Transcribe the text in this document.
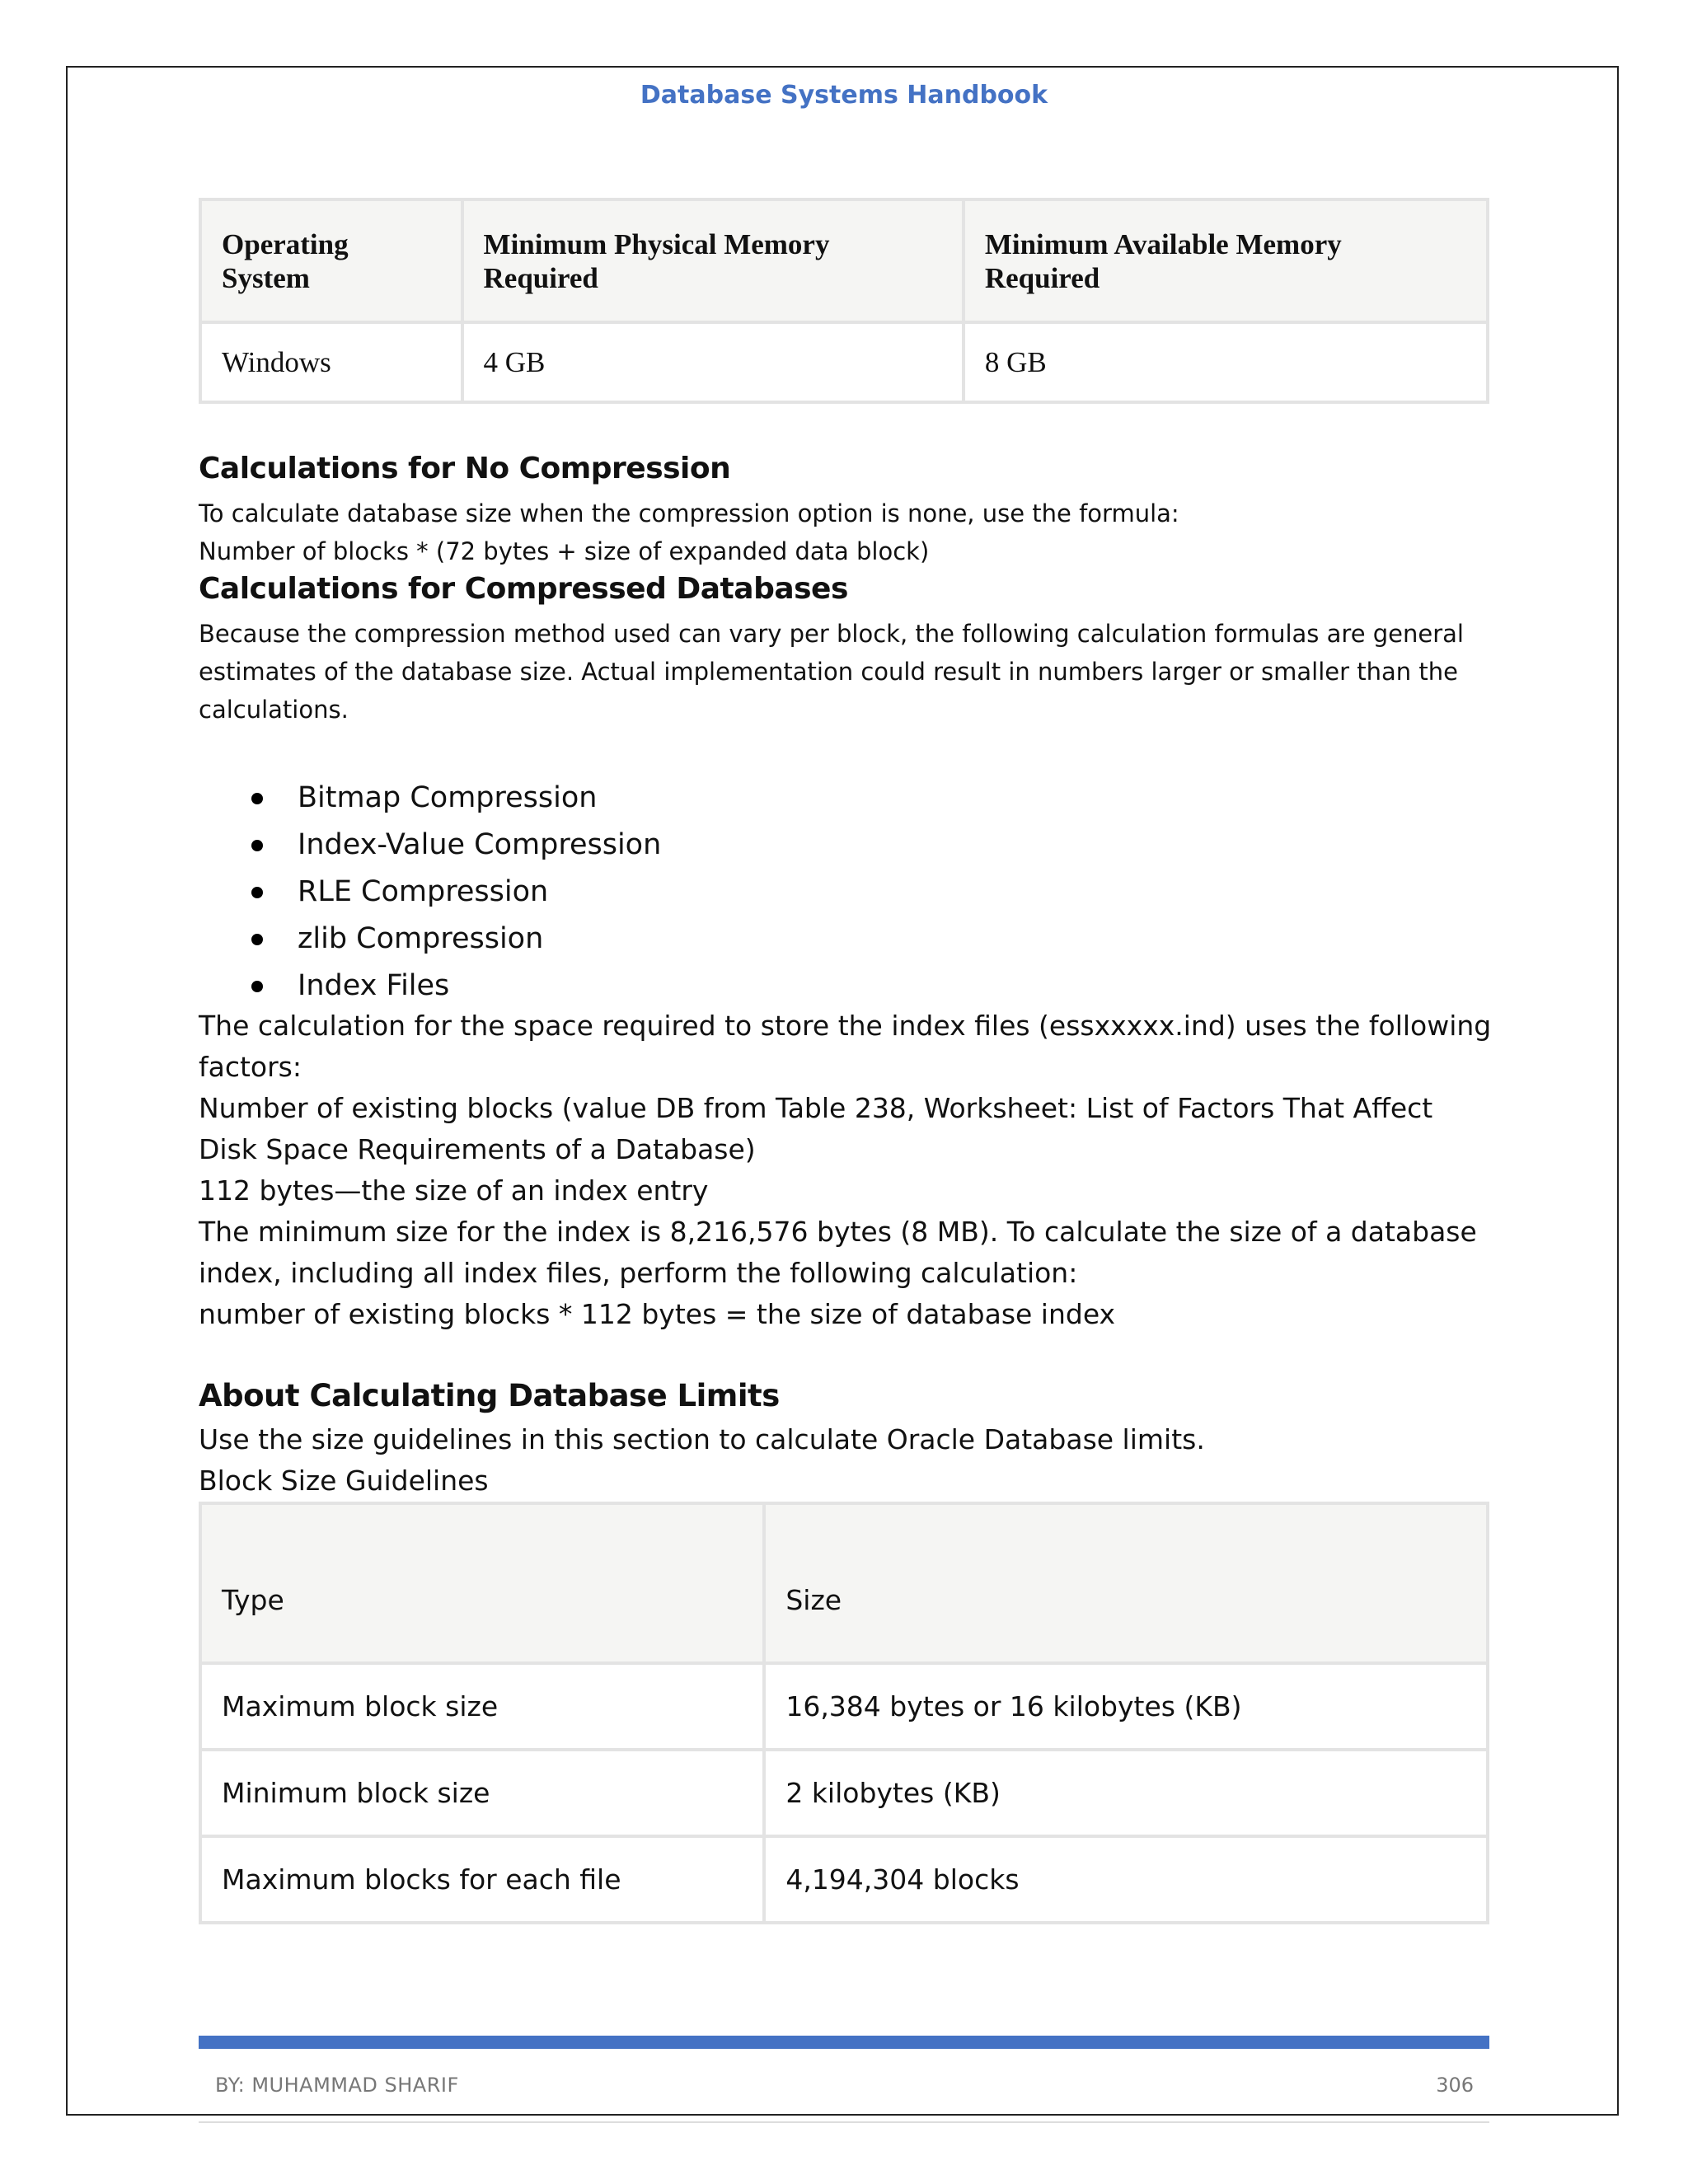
Database Systems Handbook
Operating System	Minimum Physical Memory Required	Minimum Available Memory Required
Windows	4 GB	8 GB
Calculations for No Compression
To calculate database size when the compression option is none, use the formula:
Number of blocks * (72 bytes + size of expanded data block)
Calculations for Compressed Databases
Because the compression method used can vary per block, the following calculation formulas are general estimates of the database size. Actual implementation could result in numbers larger or smaller than the calculations.
Bitmap Compression
Index-Value Compression
RLE Compression
zlib Compression
Index Files
The calculation for the space required to store the index files (essxxxxx.ind) uses the following factors:
Number of existing blocks (value DB from Table 238, Worksheet: List of Factors That Affect Disk Space Requirements of a Database)
112 bytes—the size of an index entry
The minimum size for the index is 8,216,576 bytes (8 MB). To calculate the size of a database index, including all index files, perform the following calculation:
number of existing blocks * 112 bytes = the size of database index
About Calculating Database Limits
Use the size guidelines in this section to calculate Oracle Database limits.
Block Size Guidelines
Type	Size
Maximum block size	16,384 bytes or 16 kilobytes (KB)
Minimum block size	2 kilobytes (KB)
Maximum blocks for each file	4,194,304 blocks
BY: MUHAMMAD SHARIF	306
